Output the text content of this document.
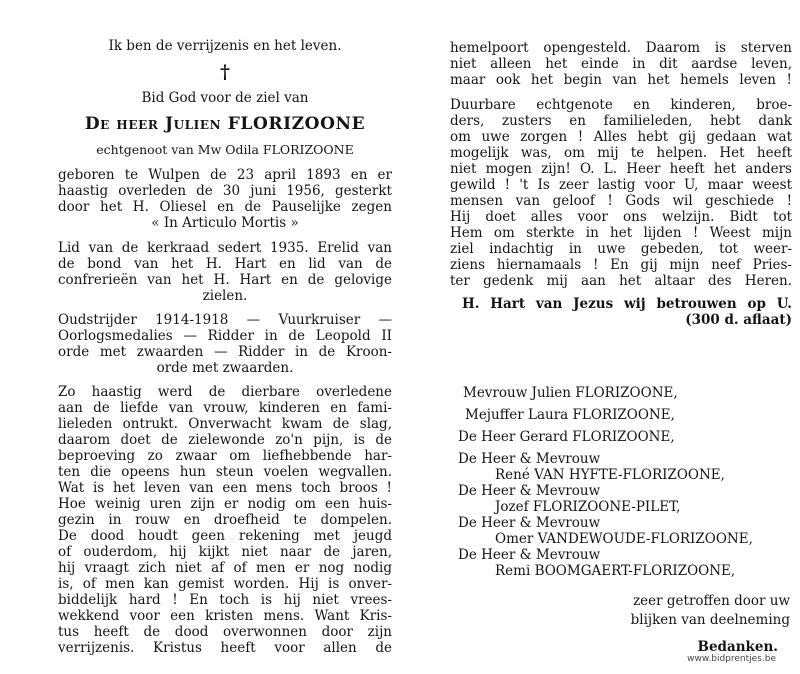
Ik ben de verrijzenis en het leven.
†
Bid God voor de ziel van
De heer Julien FLORIZOONE
echtgenoot van Mw Odila FLORIZOONE
geboren te Wulpen de 23 april 1893 en er
haastig overleden de 30 juni 1956, gesterkt
door het H. Oliesel en de Pauselijke zegen
« In Articulo Mortis »
Lid van de kerkraad sedert 1935. Erelid van
de bond van het H. Hart en lid van de
confrerieën van het H. Hart en de gelovige
zielen.
Oudstrijder 1914-1918 — Vuurkruiser —
Oorlogsmedalies — Ridder in de Leopold II
orde met zwaarden — Ridder in de Kroon-
orde met zwaarden.
Zo haastig werd de dierbare overledene
aan de liefde van vrouw, kinderen en fami-
lieleden ontrukt. Onverwacht kwam de slag,
daarom doet de zielewonde zo'n pijn, is de
beproeving zo zwaar om liefhebbende har-
ten die opeens hun steun voelen wegvallen.
Wat is het leven van een mens toch broos !
Hoe weinig uren zijn er nodig om een huis-
gezin in rouw en droefheid te dompelen.
De dood houdt geen rekening met jeugd
of ouderdom, hij kijkt niet naar de jaren,
hij vraagt zich niet af of men er nog nodig
is, of men kan gemist worden. Hij is onver-
biddelijk hard ! En toch is hij niet vrees-
wekkend voor een kristen mens. Want Kris-
tus heeft de dood overwonnen door zijn
verrijzenis. Kristus heeft voor allen de
hemelpoort opengesteld. Daarom is sterven
niet alleen het einde in dit aardse leven,
maar ook het begin van het hemels leven !
Duurbare echtgenote en kinderen, broe-
ders, zusters en familieleden, hebt dank
om uwe zorgen ! Alles hebt gij gedaan wat
mogelijk was, om mij te helpen. Het heeft
niet mogen zijn! O. L. Heer heeft het anders
gewild ! 't Is zeer lastig voor U, maar weest
mensen van geloof ! Gods wil geschiede !
Hij doet alles voor ons welzijn. Bidt tot
Hem om sterkte in het lijden ! Weest mijn
ziel indachtig in uwe gebeden, tot weer-
ziens hiernamaals ! En gij mijn neef Pries-
ter gedenk mij aan het altaar des Heren.
H. Hart van Jezus wij betrouwen op U.
(300 d. aflaat)
Mevrouw Julien FLORIZOONE,
Mejuffer Laura FLORIZOONE,
De Heer Gerard FLORIZOONE,
De Heer & Mevrouw
René VAN HYFTE-FLORIZOONE,
De Heer & Mevrouw
Jozef FLORIZOONE-PILET,
De Heer & Mevrouw
Omer VANDEWOUDE-FLORIZOONE,
De Heer & Mevrouw
Remi BOOMGAERT-FLORIZOONE,
zeer getroffen door uw
blijken van deelneming
Bedanken.
www.bidprentjes.be
